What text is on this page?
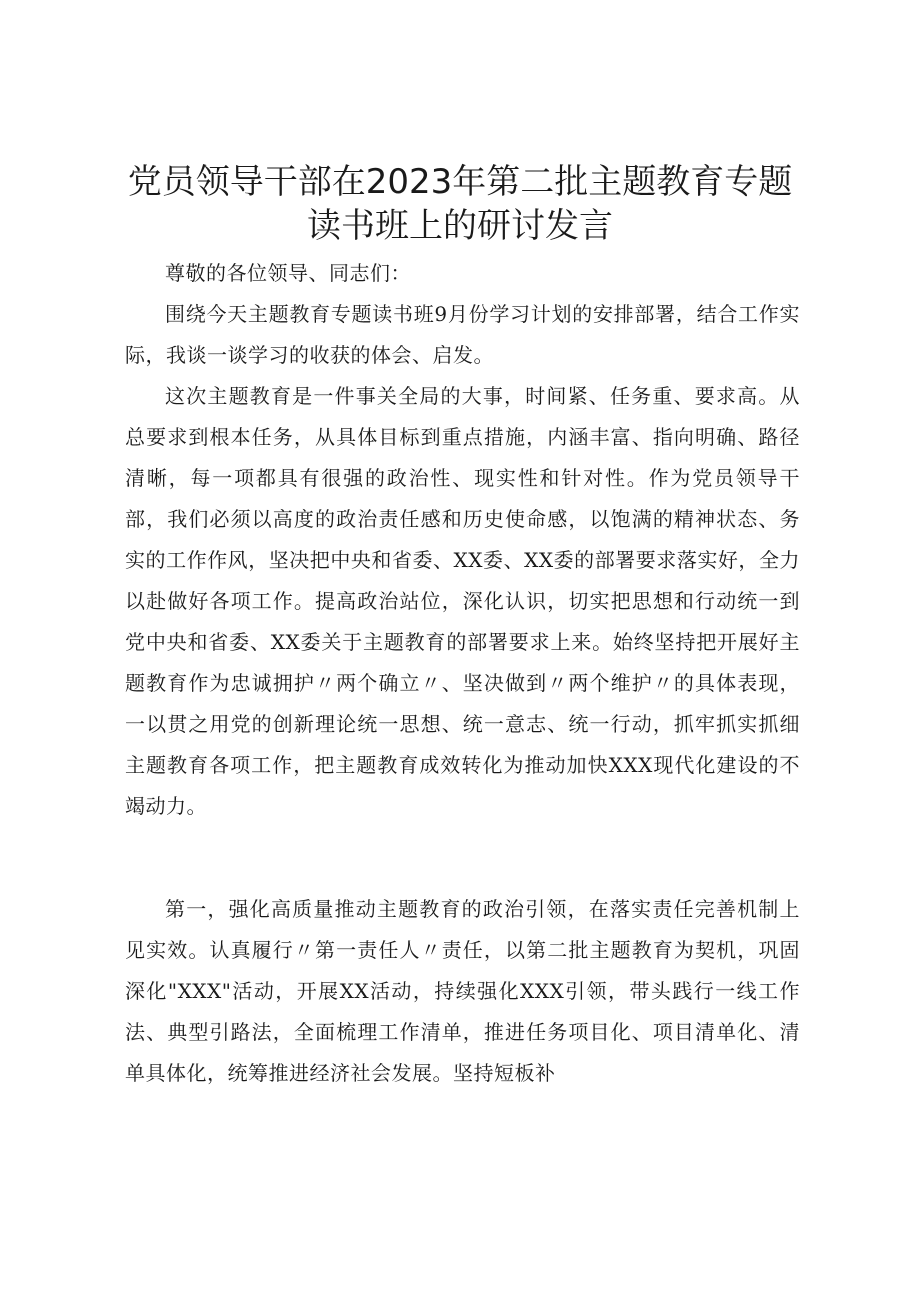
党员领导干部在2023年第二批主题教育专题
读书班上的研讨发言

尊敬的各位领导、同志们：

围绕今天主题教育专题读书班9月份学习计划的安排部署，结合工作实际，我谈一谈学习的收获的体会、启发。

这次主题教育是一件事关全局的大事，时间紧、任务重、要求高。从总要求到根本任务，从具体目标到重点措施，内涵丰富、指向明确、路径清晰，每一项都具有很强的政治性、现实性和针对性。作为党员领导干部，我们必须以高度的政治责任感和历史使命感，以饱满的精神状态、务实的工作作风，坚决把中央和省委、XX委、XX委的部署要求落实好，全力以赴做好各项工作。提高政治站位，深化认识，切实把思想和行动统一到党中央和省委、XX委关于主题教育的部署要求上来。始终坚持把开展好主题教育作为忠诚拥护〃两个确立〃、坚决做到〃两个维护〃的具体表现，一以贯之用党的创新理论统一思想、统一意志、统一行动，抓牢抓实抓细主题教育各项工作，把主题教育成效转化为推动加快XXX现代化建设的不竭动力。

第一，强化高质量推动主题教育的政治引领，在落实责任完善机制上见实效。认真履行〃第一责任人〃责任，以第二批主题教育为契机，巩固深化"XXX"活动，开展XX活动，持续强化XXX引领，带头践行一线工作法、典型引路法，全面梳理工作清单，推进任务项目化、项目清单化、清单具体化，统筹推进经济社会发展。坚持短板补
